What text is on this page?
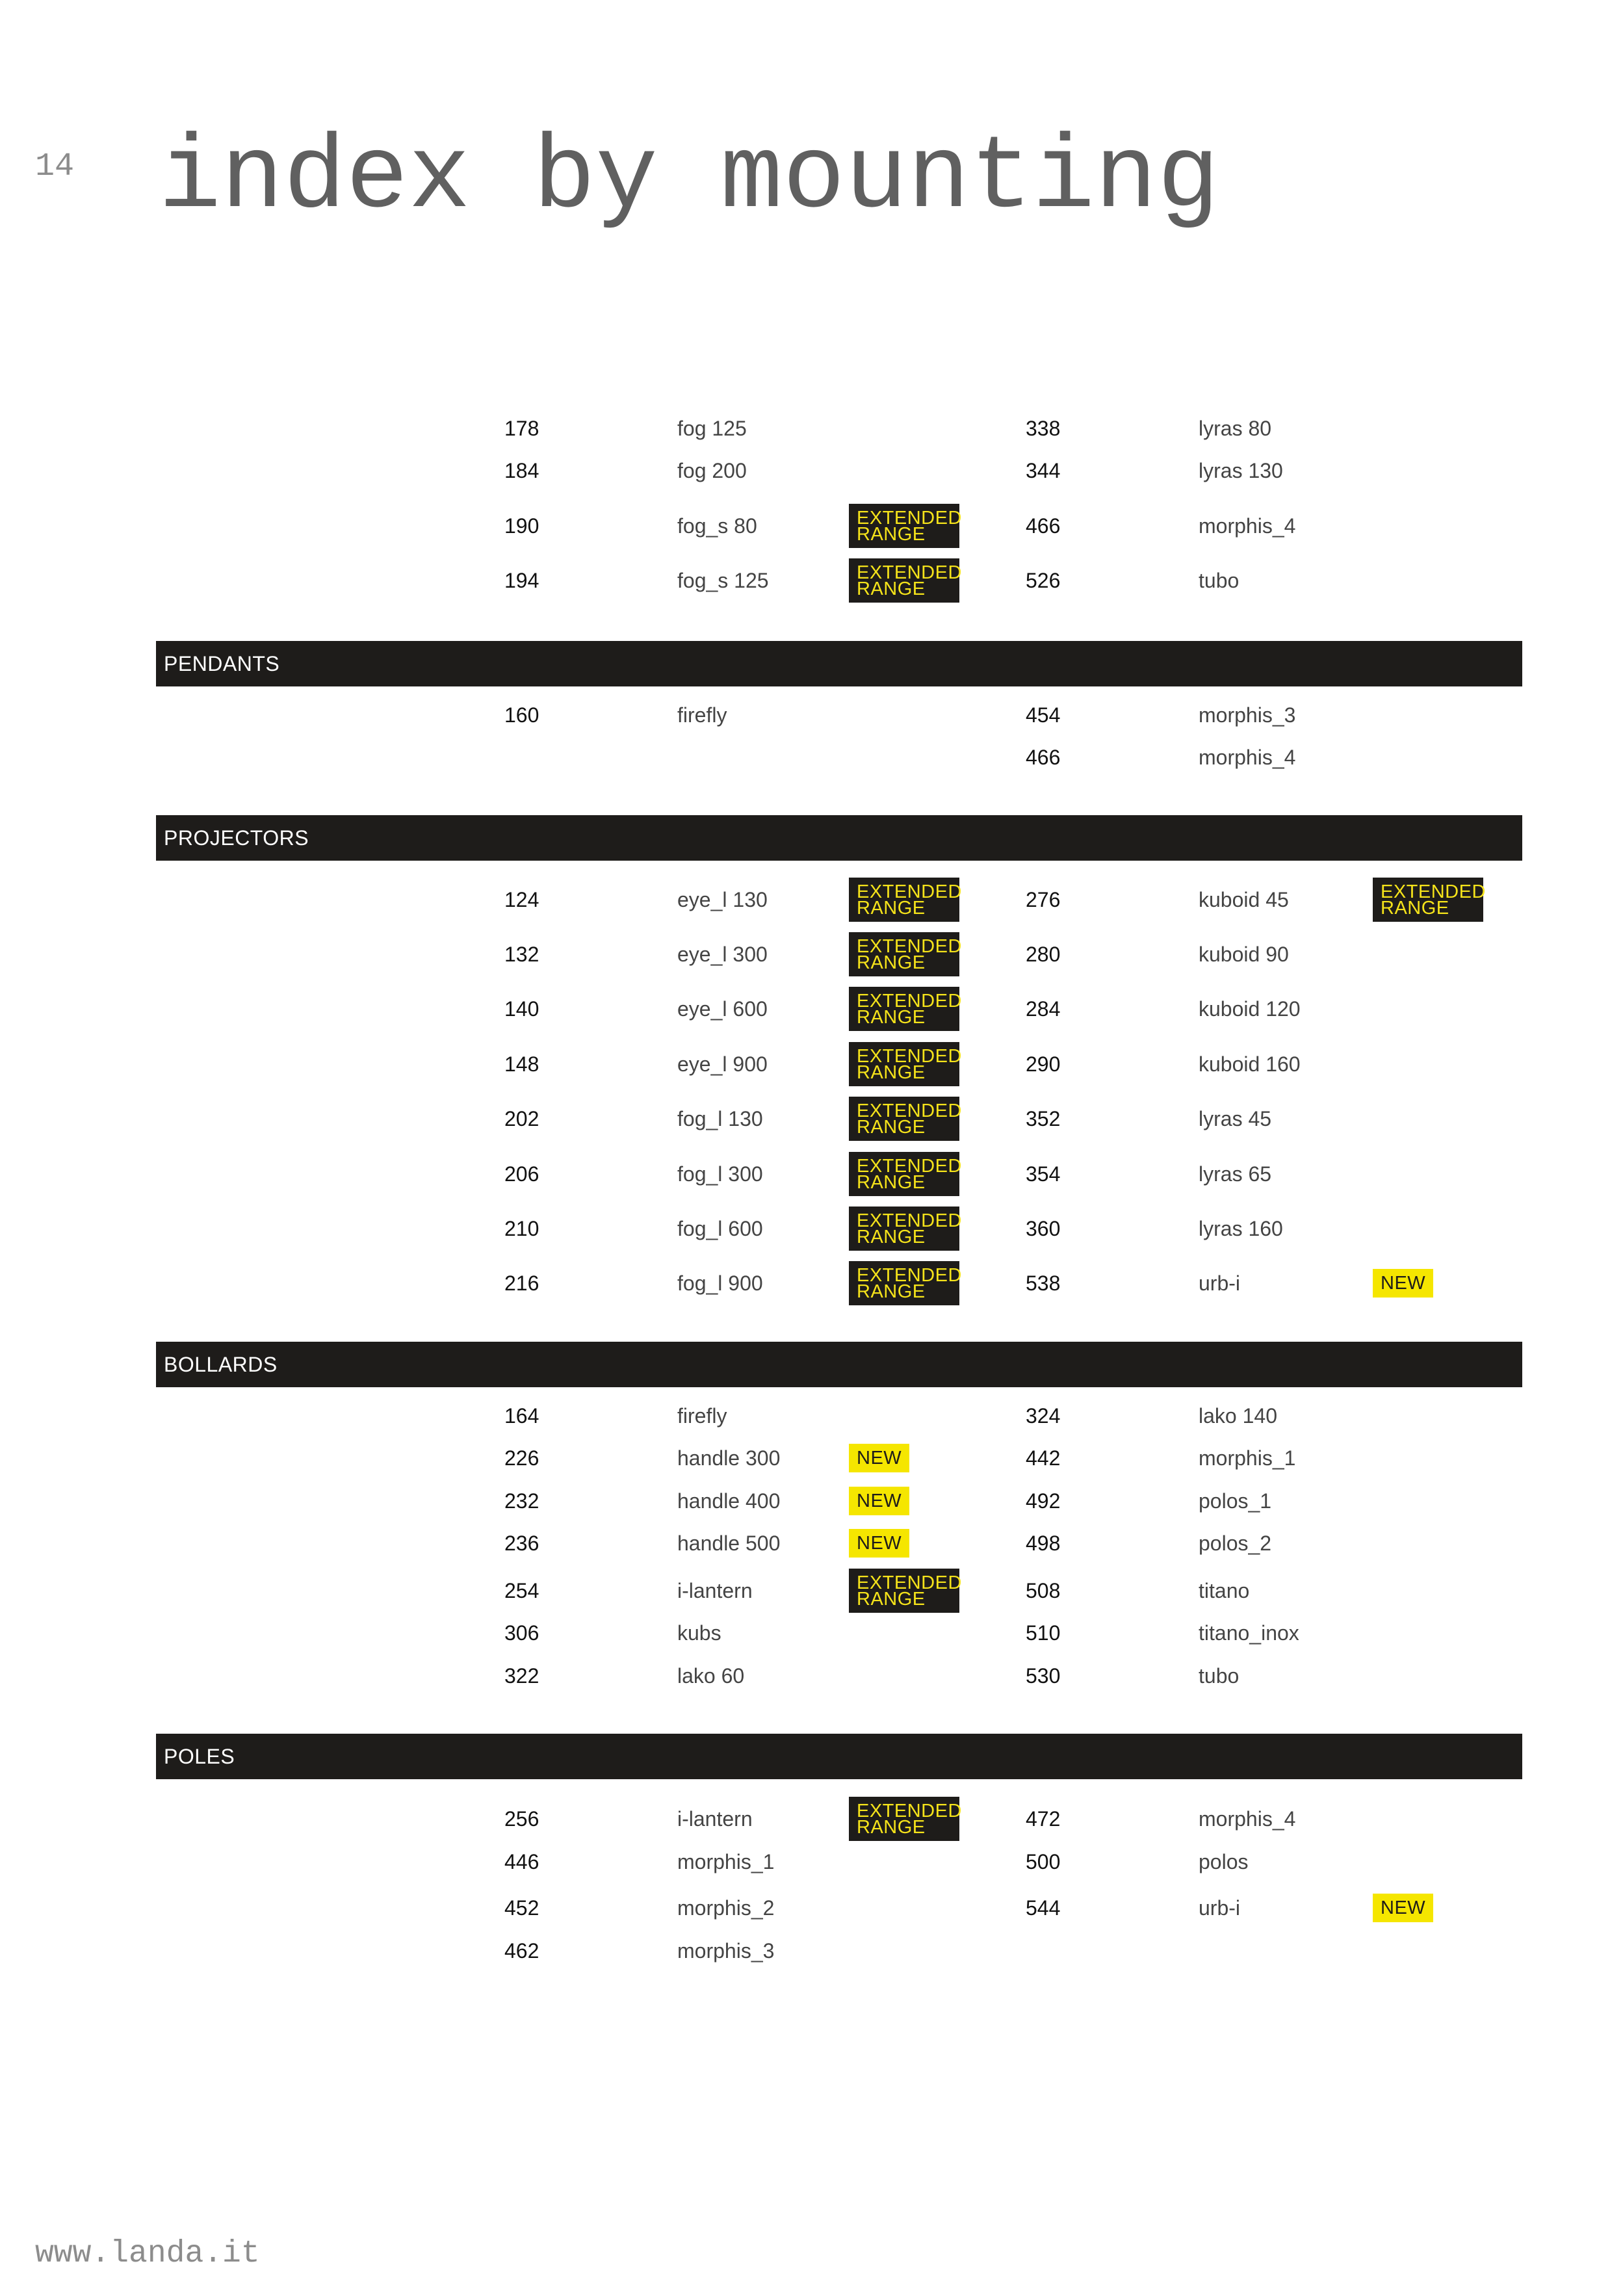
14 index by mounting
178	fog 125	338	lyras 80
184	fog 200	344	lyras 130
190	fog_s 80	EXTENDED RANGE	466	morphis_4
194	fog_s 125	EXTENDED RANGE	526	tubo
PENDANTS
160	firefly	454	morphis_3
466	morphis_4
PROJECTORS
124	eye_l 130	EXTENDED RANGE	276	kuboid 45	EXTENDED RANGE
132	eye_l 300	EXTENDED RANGE	280	kuboid 90
140	eye_l 600	EXTENDED RANGE	284	kuboid 120
148	eye_l 900	EXTENDED RANGE	290	kuboid 160
202	fog_l 130	EXTENDED RANGE	352	lyras 45
206	fog_l 300	EXTENDED RANGE	354	lyras 65
210	fog_l 600	EXTENDED RANGE	360	lyras 160
216	fog_l 900	EXTENDED RANGE	538	urb-i	NEW
BOLLARDS
164	firefly	324	lako 140
226	handle 300	NEW	442	morphis_1
232	handle 400	NEW	492	polos_1
236	handle 500	NEW	498	polos_2
254	i-lantern	EXTENDED RANGE	508	titano
306	kubs	510	titano_inox
322	lako 60	530	tubo
POLES
256	i-lantern	EXTENDED RANGE	472	morphis_4
446	morphis_1	500	polos
452	morphis_2	544	urb-i	NEW
462	morphis_3
www.landa.it
